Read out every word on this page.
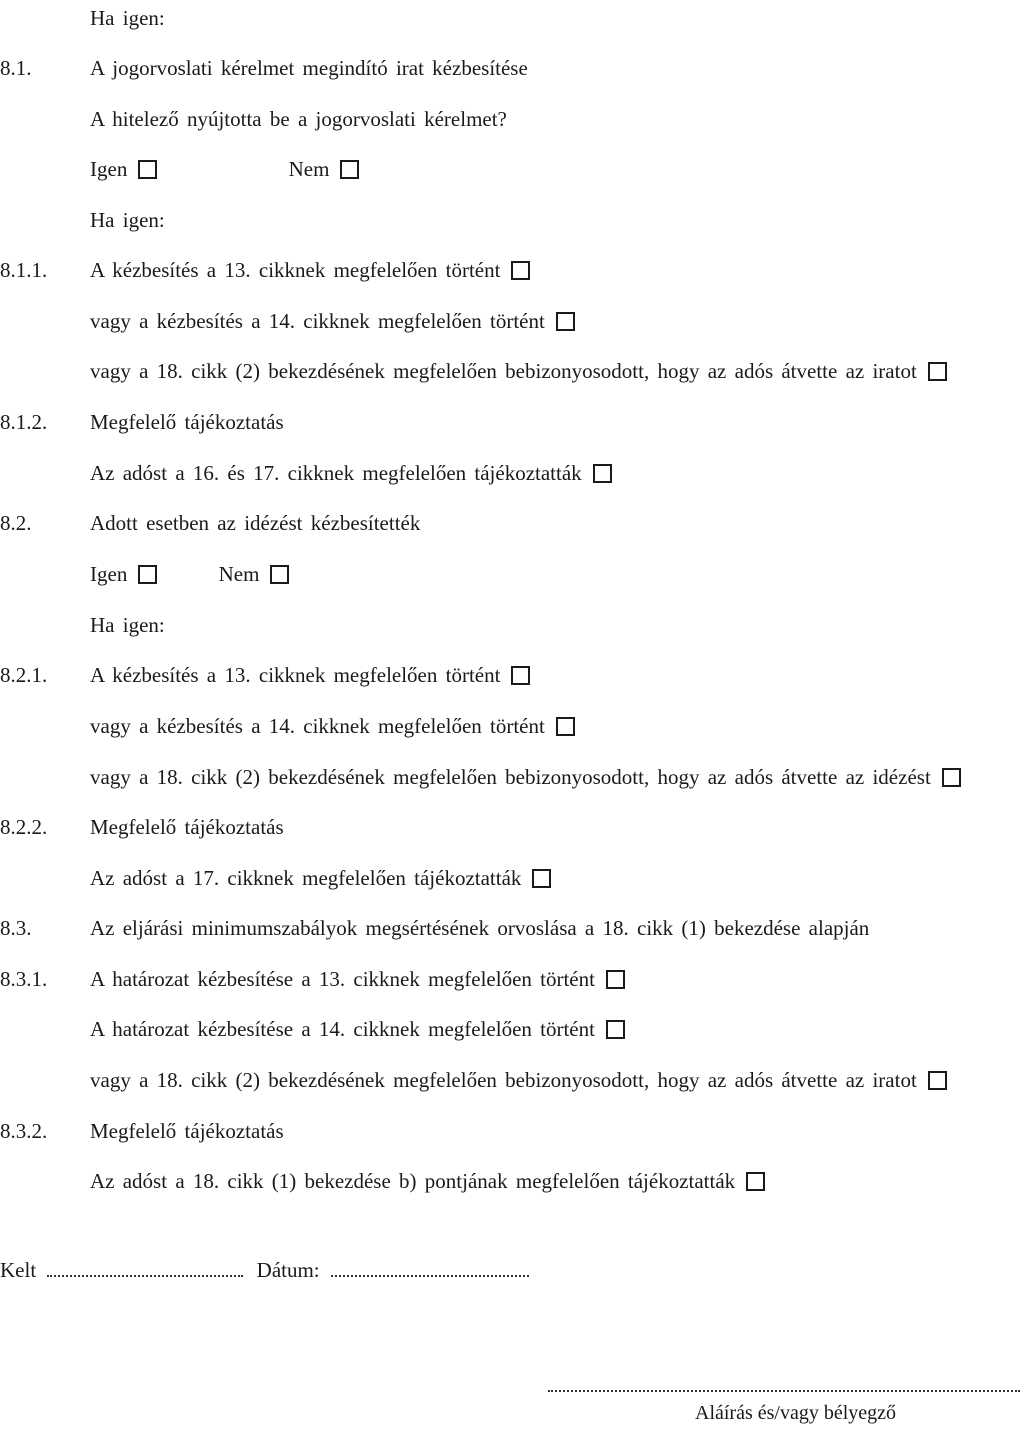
Ha igen:
8.1.	A jogorvoslati kérelmet megindító irat kézbesítése
A hitelező nyújtotta be a jogorvoslati kérelmet?
Igen	Nem
Ha igen:
8.1.1. A kézbesítés a 13. cikknek megfelelően történt
vagy a kézbesítés a 14. cikknek megfelelően történt
vagy a 18. cikk (2) bekezdésének megfelelően bebizonyosodott, hogy az adós átvette az iratot
8.1.2. Megfelelő tájékoztatás
Az adóst a 16. és 17. cikknek megfelelően tájékoztatták
8.2.	Adott esetben az idézést kézbesítették
Igen	Nem
Ha igen:
8.2.1. A kézbesítés a 13. cikknek megfelelően történt
vagy a kézbesítés a 14. cikknek megfelelően történt
vagy a 18. cikk (2) bekezdésének megfelelően bebizonyosodott, hogy az adós átvette az idézést
8.2.2. Megfelelő tájékoztatás
Az adóst a 17. cikknek megfelelően tájékoztatták
8.3.	Az eljárási minimumszabályok megsértésének orvoslása a 18. cikk (1) bekezdése alapján
8.3.1. A határozat kézbesítése a 13. cikknek megfelelően történt
A határozat kézbesítése a 14. cikknek megfelelően történt
vagy a 18. cikk (2) bekezdésének megfelelően bebizonyosodott, hogy az adós átvette az iratot
8.3.2. Megfelelő tájékoztatás
Az adóst a 18. cikk (1) bekezdése b) pontjának megfelelően tájékoztatták
Kelt	Dátum:
Aláírás és/vagy bélyegző
